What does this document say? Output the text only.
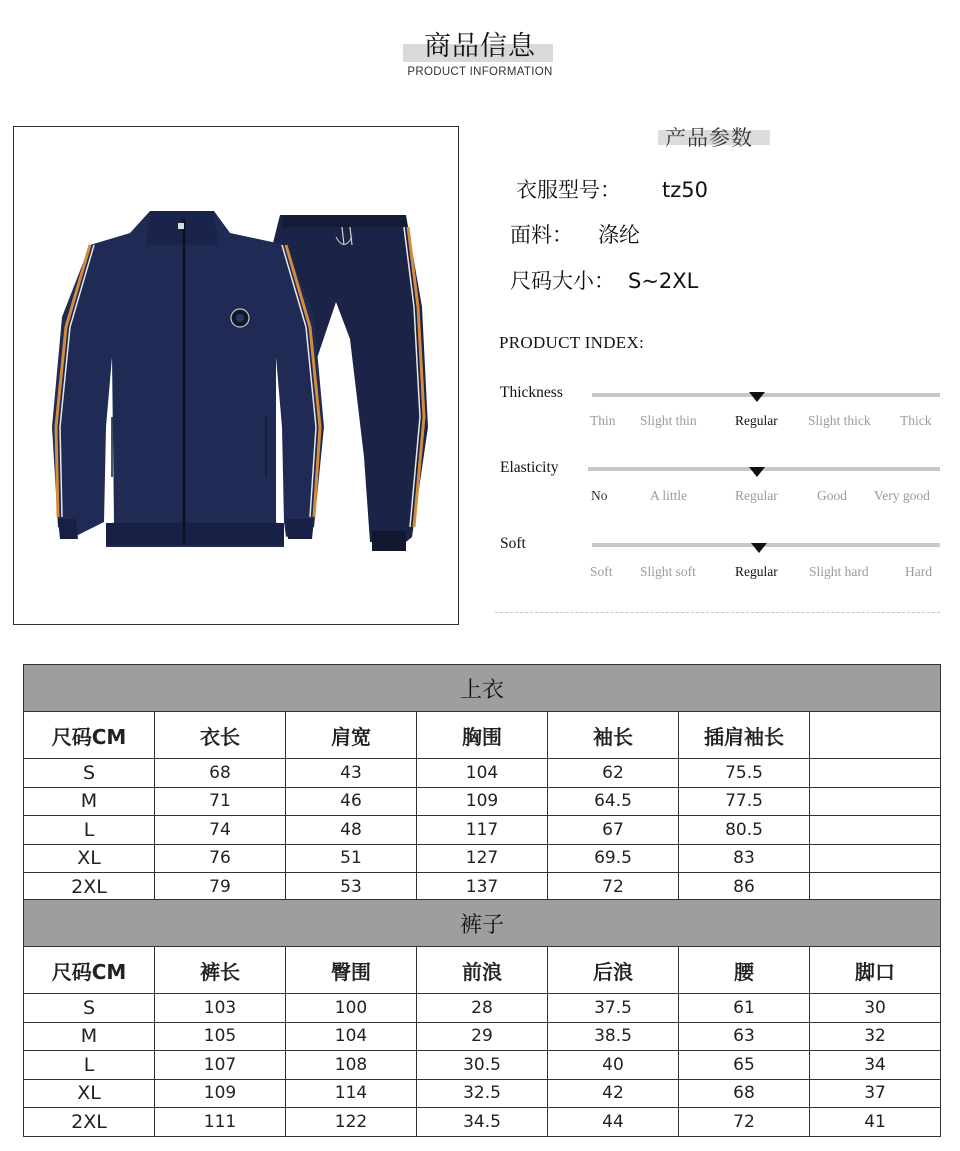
商品信息
PRODUCT INFORMATION
产品参数
衣服型号： tz50
面料： 涤纶
尺码大小： S~2XL
PRODUCT INDEX:
Thickness
Thin Slight thin	Regular Slight thick Thick
Elasticity
No	A little	Regular	Good Very good
Soft
Soft Slight soft	Regular Slight hard	Hard
上衣						
尺码CM	衣长	肩宽	胸围	袖长	插肩袖长	
S	68	43	104	62	75.5	
M	71	46	109	64.5	77.5	
L	74	48	117	67	80.5	
XL	76	51	127	69.5	83	
2XL	79	53	137	72	86	
裤子						
尺码CM	裤长	臀围	前浪	后浪	腰	脚口
S	103	100	28	37.5	61	30
M	105	104	29	38.5	63	32
L	107	108	30.5	40	65	34
XL	109	114	32.5	42	68	37
2XL	111	122	34.5	44	72	41
